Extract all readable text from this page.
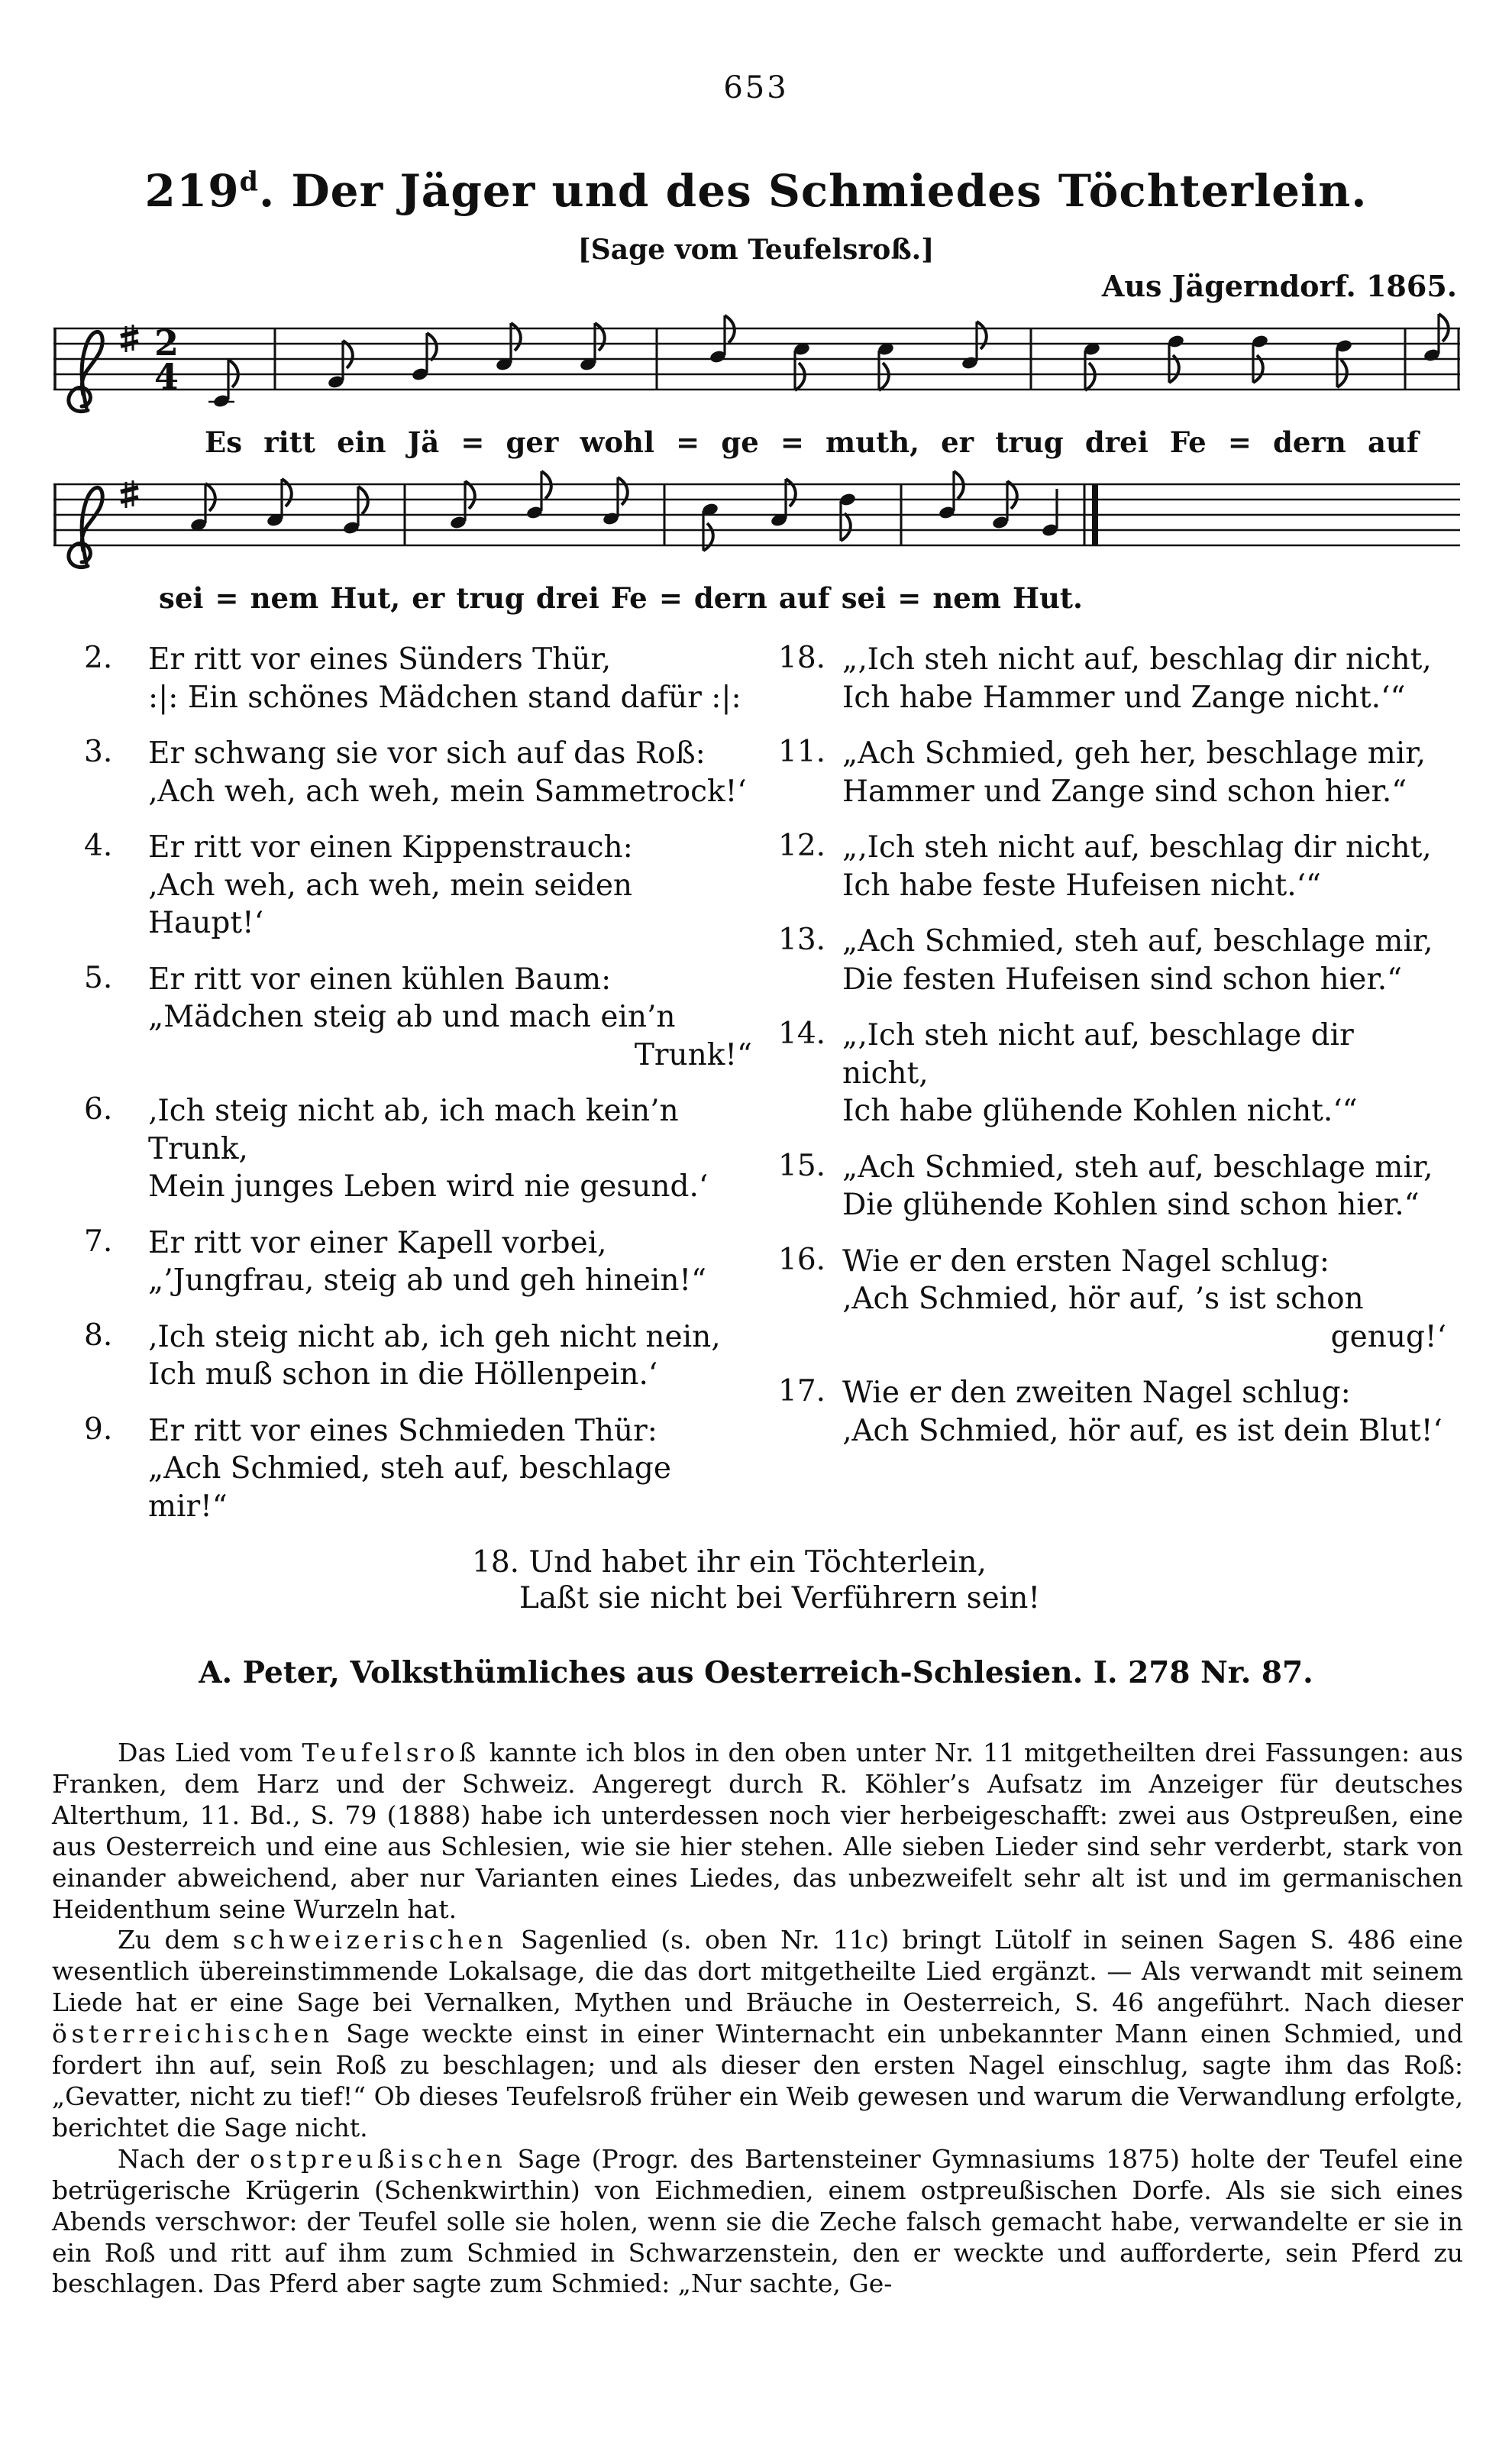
653
219$^d$. Der Jäger und des Schmiedes Töchterlein.
[Sage vom Teufelsroß.]
Aus Jägerndorf. 1865.
2
4
Es ritt ein Jä = ger wohl = ge = muth, er trug drei Fe = dern auf
sei = nem Hut, er trug drei Fe = dern auf sei = nem Hut.
2.	Er ritt vor eines Sünders Thür,
:|: Ein schönes Mädchen stand dafür :|:
3.	Er schwang sie vor sich auf das Roß:
‚Ach weh, ach weh, mein Sammetrock!‘
4.	Er ritt vor einen Kippenstrauch:
‚Ach weh, ach weh, mein seiden Haupt!‘
5.	Er ritt vor einen kühlen Baum:
„Mädchen steig ab und mach ein’n
Trunk!“
6.	‚Ich steig nicht ab, ich mach kein’n Trunk,
Mein junges Leben wird nie gesund.‘
7.	Er ritt vor einer Kapell vorbei,
„’Jungfrau, steig ab und geh hinein!“
8.	‚Ich steig nicht ab, ich geh nicht nein,
Ich muß schon in die Höllenpein.‘
9.	Er ritt vor eines Schmieden Thür:
„Ach Schmied, steh auf, beschlage mir!“
18. „‚Ich steh nicht auf, beschlag dir nicht,
Ich habe Hammer und Zange nicht.‘“
11. „Ach Schmied, geh her, beschlage mir,
Hammer und Zange sind schon hier.“
12. „‚Ich steh nicht auf, beschlag dir nicht,
Ich habe feste Hufeisen nicht.‘“
13. „Ach Schmied, steh auf, beschlage mir,
Die festen Hufeisen sind schon hier.“
14. „‚Ich steh nicht auf, beschlage dir nicht,
Ich habe glühende Kohlen nicht.‘“
15. „Ach Schmied, steh auf, beschlage mir,
Die glühende Kohlen sind schon hier.“
16. Wie er den ersten Nagel schlug:
‚Ach Schmied, hör auf, ’s ist schon
genug!‘
17. Wie er den zweiten Nagel schlug:
‚Ach Schmied, hör auf, es ist dein Blut!‘
18. Und habet ihr ein Töchterlein,
Laßt sie nicht bei Verführern sein!
A. Peter, Volksthümliches aus Oesterreich-Schlesien. I. 278 Nr. 87.

Das Lied vom Teufelsroß kannte ich blos in den oben unter Nr. 11 mitgetheilten drei Fassungen: aus Franken, dem Harz und der Schweiz. Angeregt durch R. Köhler’s Aufsatz im Anzeiger für deutsches Alterthum, 11. Bd., S. 79 (1888) habe ich unterdessen noch vier herbeigeschafft: zwei aus Ostpreußen, eine aus Oesterreich und eine aus Schlesien, wie sie hier stehen. Alle sieben Lieder sind sehr verderbt, stark von einander abweichend, aber nur Varianten eines Liedes, das unbezweifelt sehr alt ist und im germanischen Heidenthum seine Wurzeln hat.

Zu dem schweizerischen Sagenlied (s. oben Nr. 11c) bringt Lütolf in seinen Sagen S. 486 eine wesentlich übereinstimmende Lokalsage, die das dort mitgetheilte Lied ergänzt. — Als verwandt mit seinem Liede hat er eine Sage bei Vernalken, Mythen und Bräuche in Oesterreich, S. 46 angeführt. Nach dieser österreichischen Sage weckte einst in einer Winternacht ein unbekannter Mann einen Schmied, und fordert ihn auf, sein Roß zu beschlagen; und als dieser den ersten Nagel einschlug, sagte ihm das Roß: „Gevatter, nicht zu tief!“ Ob dieses Teufelsroß früher ein Weib gewesen und warum die Verwandlung erfolgte, berichtet die Sage nicht.

Nach der ostpreußischen Sage (Progr. des Bartensteiner Gymnasiums 1875) holte der Teufel eine betrügerische Krügerin (Schenkwirthin) von Eichmedien, einem ostpreußischen Dorfe. Als sie sich eines Abends verschwor: der Teufel solle sie holen, wenn sie die Zeche falsch gemacht habe, verwandelte er sie in ein Roß und ritt auf ihm zum Schmied in Schwarzenstein, den er weckte und aufforderte, sein Pferd zu beschlagen. Das Pferd aber sagte zum Schmied: „Nur sachte, Ge-
